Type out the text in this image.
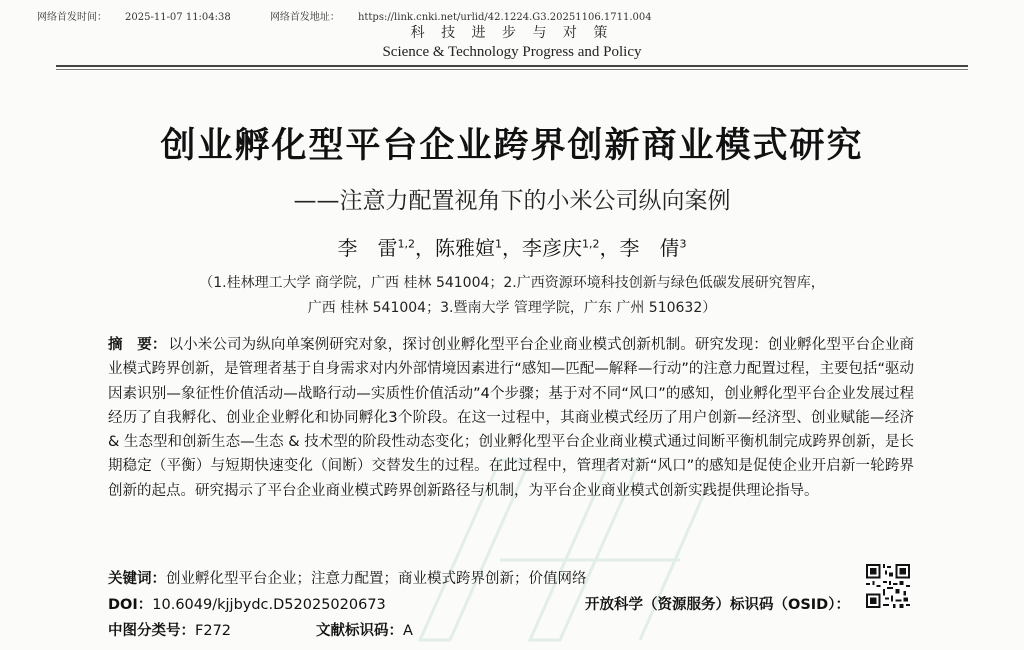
网络首发时间： 2025-11-07 11:04:38	网络首发地址： https://link.cnki.net/urlid/42.1224.G3.20251106.1711.004
科 技 进 步 与 对 策
Science & Technology Progress and Policy
创业孵化型平台企业跨界创新商业模式研究
——注意力配置视角下的小米公司纵向案例
李　雷$^{1,2}$，陈雅媗$^1$，李彦庆$^{1,2}$，李　倩$^3$
（1.桂林理工大学 商学院，广西 桂林 541004；2.广西资源环境科技创新与绿色低碳发展研究智库，
广西 桂林 541004；3.暨南大学 管理学院，广东 广州 510632）
摘　要： 以小米公司为纵向单案例研究对象，探讨创业孵化型平台企业商业模式创新机制。研究发现：创业孵化型平台企业商业模式跨界创新，是管理者基于自身需求对内外部情境因素进行“感知—匹配—解释—行动”的注意力配置过程，主要包括“驱动因素识别—象征性价值活动—战略行动—实质性价值活动”4个步骤；基于对不同“风口”的感知，创业孵化型平台企业发展过程经历了自我孵化、创业企业孵化和协同孵化3个阶段。在这一过程中，其商业模式经历了用户创新—经济型、创业赋能—经济 & 生态型和创新生态—生态 & 技术型的阶段性动态变化；创业孵化型平台企业商业模式通过间断平衡机制完成跨界创新，是长期稳定（平衡）与短期快速变化（间断）交替发生的过程。在此过程中，管理者对新“风口”的感知是促使企业开启新一轮跨界创新的起点。研究揭示了平台企业商业模式跨界创新路径与机制，为平台企业商业模式创新实践提供理论指导。
关键词：创业孵化型平台企业；注意力配置；商业模式跨界创新；价值网络
DOI：10.6049/kjjbydc.D52025020673	开放科学（资源服务）标识码（OSID）：
中图分类号：F272	文献标识码：A
